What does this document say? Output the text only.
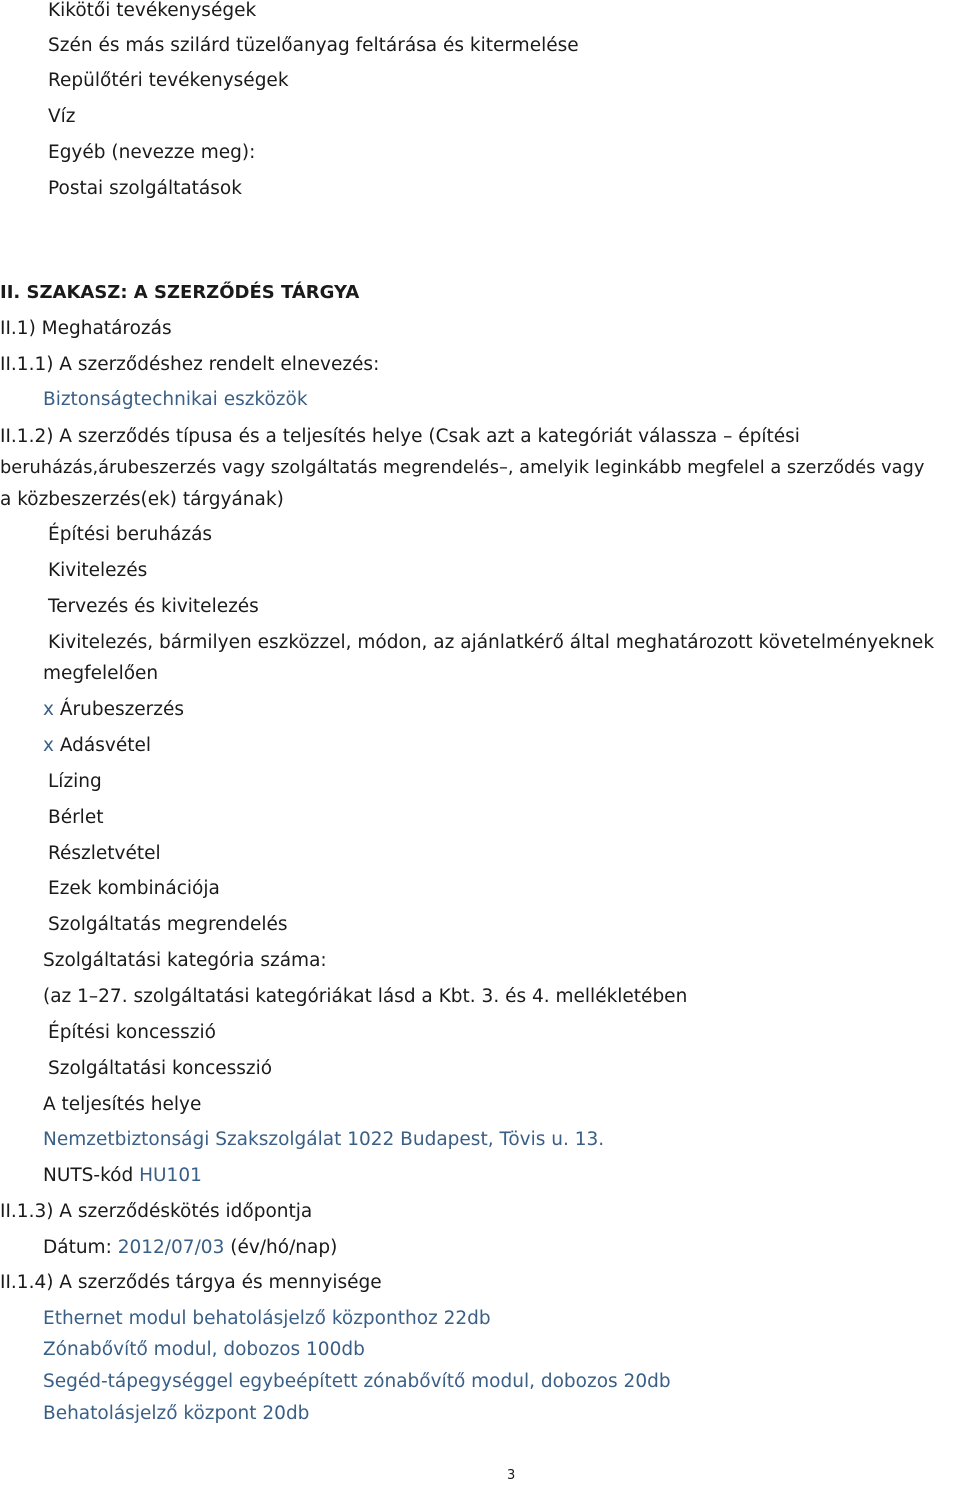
Kikötői tevékenységek
Szén és más szilárd tüzelőanyag feltárása és kitermelése
Repülőtéri tevékenységek
Víz
Egyéb (nevezze meg):
Postai szolgáltatások
II. SZAKASZ: A SZERZŐDÉS TÁRGYA
II.1) Meghatározás
II.1.1) A szerződéshez rendelt elnevezés:
Biztonságtechnikai eszközök
II.1.2) A szerződés típusa és a teljesítés helye (Csak azt a kategóriát válassza – építési
beruházás,árubeszerzés vagy szolgáltatás megrendelés–, amelyik leginkább megfelel a szerződés vagy
a közbeszerzés(ek) tárgyának)
Építési beruházás
Kivitelezés
Tervezés és kivitelezés
Kivitelezés, bármilyen eszközzel, módon, az ajánlatkérő által meghatározott követelményeknek
megfelelően
x Árubeszerzés
x Adásvétel
Lízing
Bérlet
Részletvétel
Ezek kombinációja
Szolgáltatás megrendelés
Szolgáltatási kategória száma:
(az 1–27. szolgáltatási kategóriákat lásd a Kbt. 3. és 4. mellékletében
Építési koncesszió
Szolgáltatási koncesszió
A teljesítés helye
Nemzetbiztonsági Szakszolgálat 1022 Budapest, Tövis u. 13.
NUTS-kód HU101
II.1.3) A szerződéskötés időpontja
Dátum: 2012/07/03 (év/hó/nap)
II.1.4) A szerződés tárgya és mennyisége
Ethernet modul behatolásjelző központhoz 22db
Zónabővítő modul, dobozos 100db
Segéd-tápegységgel egybeépített zónabővítő modul, dobozos 20db
Behatolásjelző központ 20db
3
